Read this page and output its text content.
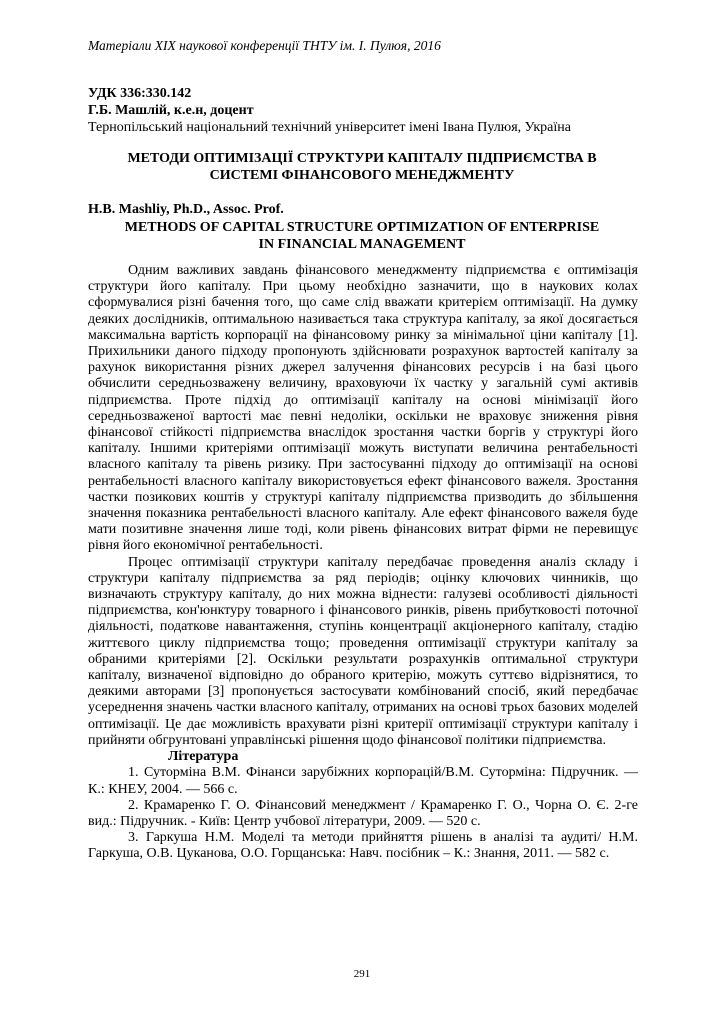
Матеріали XIX наукової конференції ТНТУ ім. І. Пулюя, 2016
УДК 336:330.142
Г.Б. Машлій, к.е.н, доцент
Тернопільський національний технічний університет імені Івана Пулюя, Україна
МЕТОДИ ОПТИМІЗАЦІЇ СТРУКТУРИ КАПІТАЛУ ПІДПРИЄМСТВА В
СИСТЕМІ ФІНАНСОВОГО МЕНЕДЖМЕНТУ
H.B. Mashliy, Ph.D., Assoc. Prof.
METHODS OF CAPITAL STRUCTURE OPTIMIZATION OF ENTERPRISE
IN FINANCIAL MANAGEMENT

Одним важливих завдань фінансового менеджменту підприємства є оптимізація структури його капіталу. При цьому необхідно зазначити, що в наукових колах сформувалися різні бачення того, що саме слід вважати критерієм оптимізації. На думку деяких дослідників, оптимальною називається така структура капіталу, за якої досягається максимальна вартість корпорації на фінансовому ринку за мінімальної ціни капіталу [1]. Прихильники даного підходу пропонують здійснювати розрахунок вартостей капіталу за рахунок використання різних джерел залучення фінансових ресурсів і на базі цього обчислити середньозважену величину, враховуючи їх частку у загальній сумі активів підприємства. Проте підхід до оптимізації капіталу на основі мінімізації його середньозваженої вартості має певні недоліки, оскільки не враховує зниження рівня фінансової стійкості підприємства внаслідок зростання частки боргів у структурі його капіталу. Іншими критеріями оптимізації можуть виступати величина рентабельності власного капіталу та рівень ризику. При застосуванні підходу до оптимізації на основі рентабельності власного капіталу використовується ефект фінансового важеля. Зростання частки позикових коштів у структурі капіталу підприємства призводить до збільшення значення показника рентабельності власного капіталу. Але ефект фінансового важеля буде мати позитивне значення лише тоді, коли рівень фінансових витрат фірми не перевищує рівня його економічної рентабельності.

Процес оптимізації структури капіталу передбачає проведення аналіз складу і структури капіталу підприємства за ряд періодів; оцінку ключових чинників, що визначають структуру капіталу, до них можна віднести: галузеві особливості діяльності підприємства, кон'юнктуру товарного і фінансового ринків, рівень прибутковості поточної діяльності, податкове навантаження, ступінь концентрації акціонерного капіталу, стадію життєвого циклу підприємства тощо; проведення оптимізації структури капіталу за обраними критеріями [2]. Оскільки результати розрахунків оптимальної структури капіталу, визначеної відповідно до обраного критерію, можуть суттєво відрізнятися, то деякими авторами [3] пропонується застосувати комбінований спосіб, який передбачає усереднення значень частки власного капіталу, отриманих на основі трьох базових моделей оптимізації. Це дає можливість врахувати різні критерії оптимізації структури капіталу і прийняти обгрунтовані управлінські рішення щодо фінансової політики підприємства.

Література

1. Сутормінa В.М. Фінанси зарубіжних корпорацій/В.М. Суторміна: Підручник. — К.: КНЕУ, 2004. — 566 с.

2. Крамаренко Г. О. Фінансовий менеджмент / Крамаренко Г. О., Чорна О. Є. 2-ге вид.: Підручник. - Київ: Центр учбової літератури, 2009. — 520 с.

3. Гаркуша Н.М. Моделі та методи прийняття рішень в аналізі та аудиті/ Н.М. Гаркуша, О.В. Цуканова, О.О. Горщанська: Навч. посібник – К.: Знання, 2011. — 582 с.

291
